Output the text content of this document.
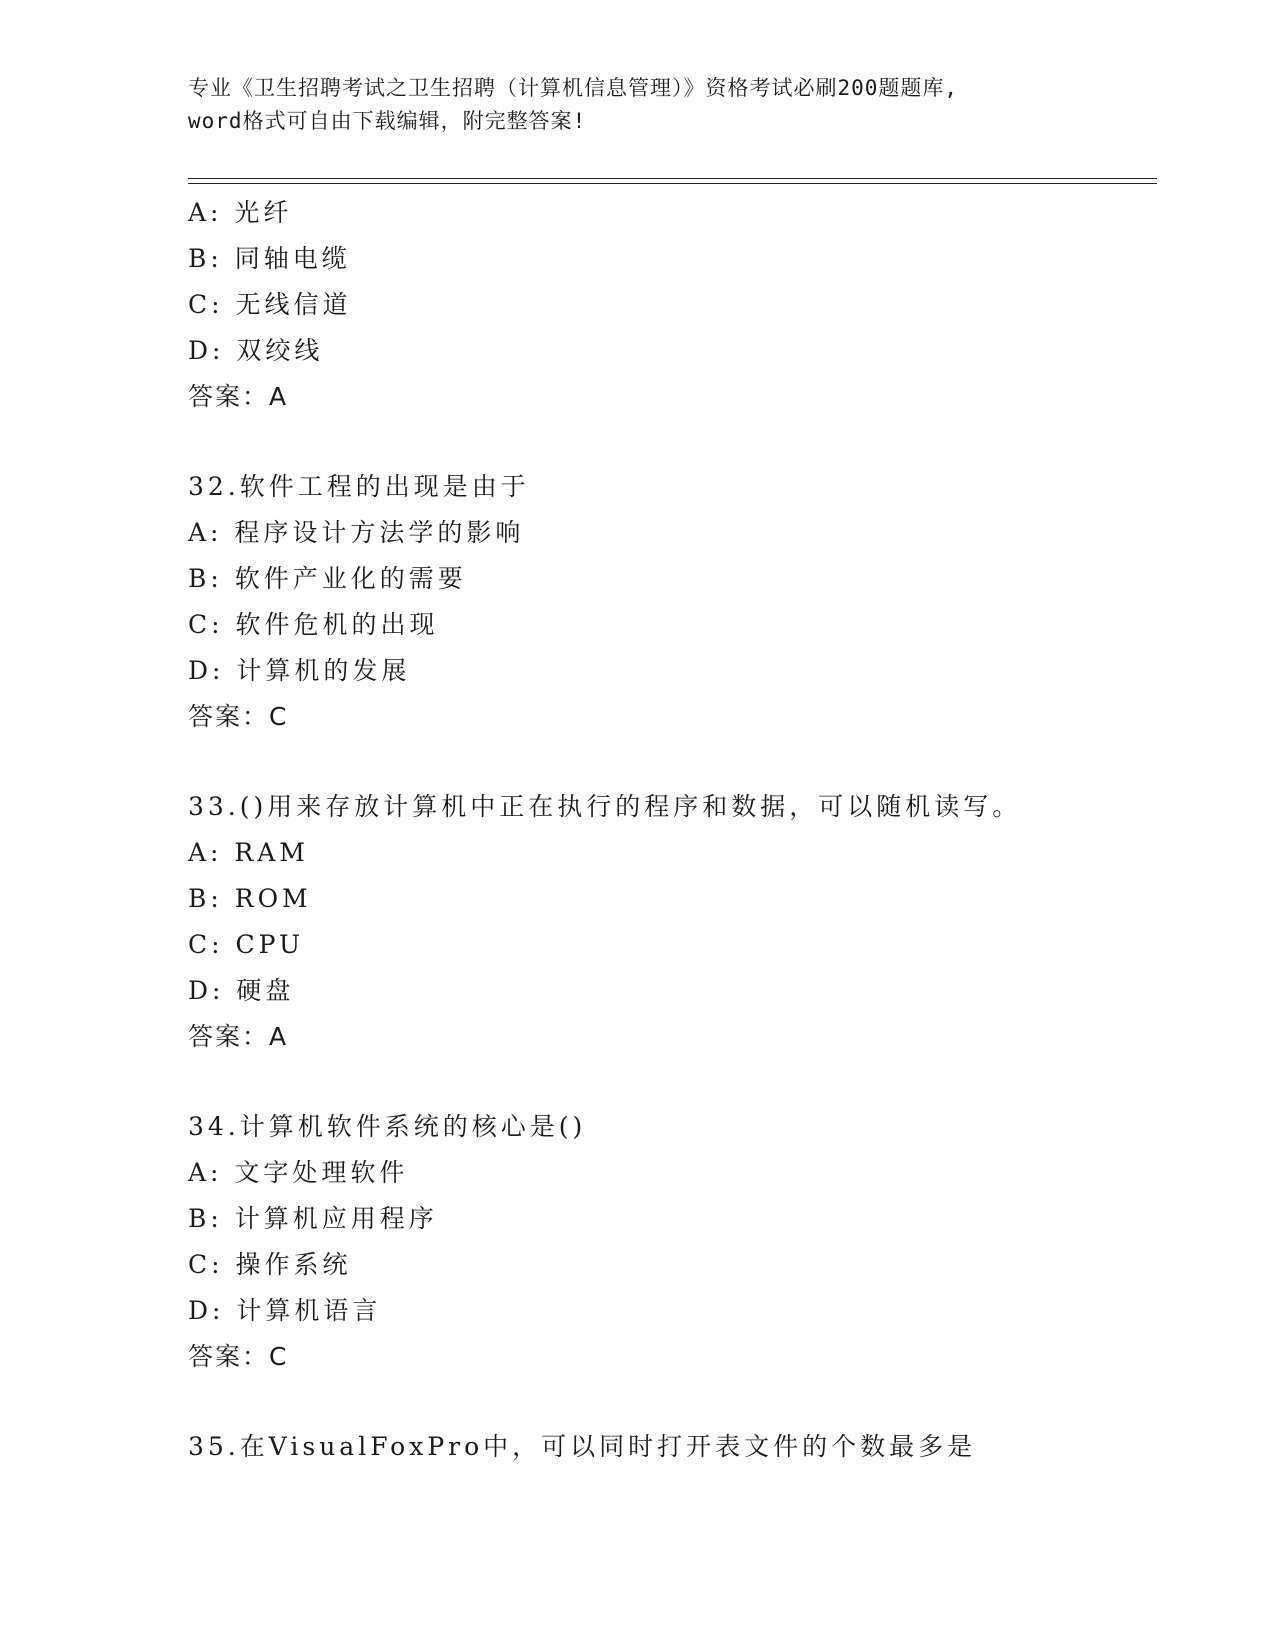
专业《卫生招聘考试之卫生招聘（计算机信息管理）》资格考试必刷200题题库,
word格式可自由下载编辑，附完整答案!
A: 光纤
B: 同轴电缆
C: 无线信道
D: 双绞线
答案：A
32.软件工程的出现是由于
A: 程序设计方法学的影响
B: 软件产业化的需要
C: 软件危机的出现
D: 计算机的发展
答案：C
33.()用来存放计算机中正在执行的程序和数据，可以随机读写。
A: RAM
B: ROM
C: CPU
D: 硬盘
答案：A
34.计算机软件系统的核心是()
A: 文字处理软件
B: 计算机应用程序
C: 操作系统
D: 计算机语言
答案：C
35.在VisualFoxPro中，可以同时打开表文件的个数最多是
